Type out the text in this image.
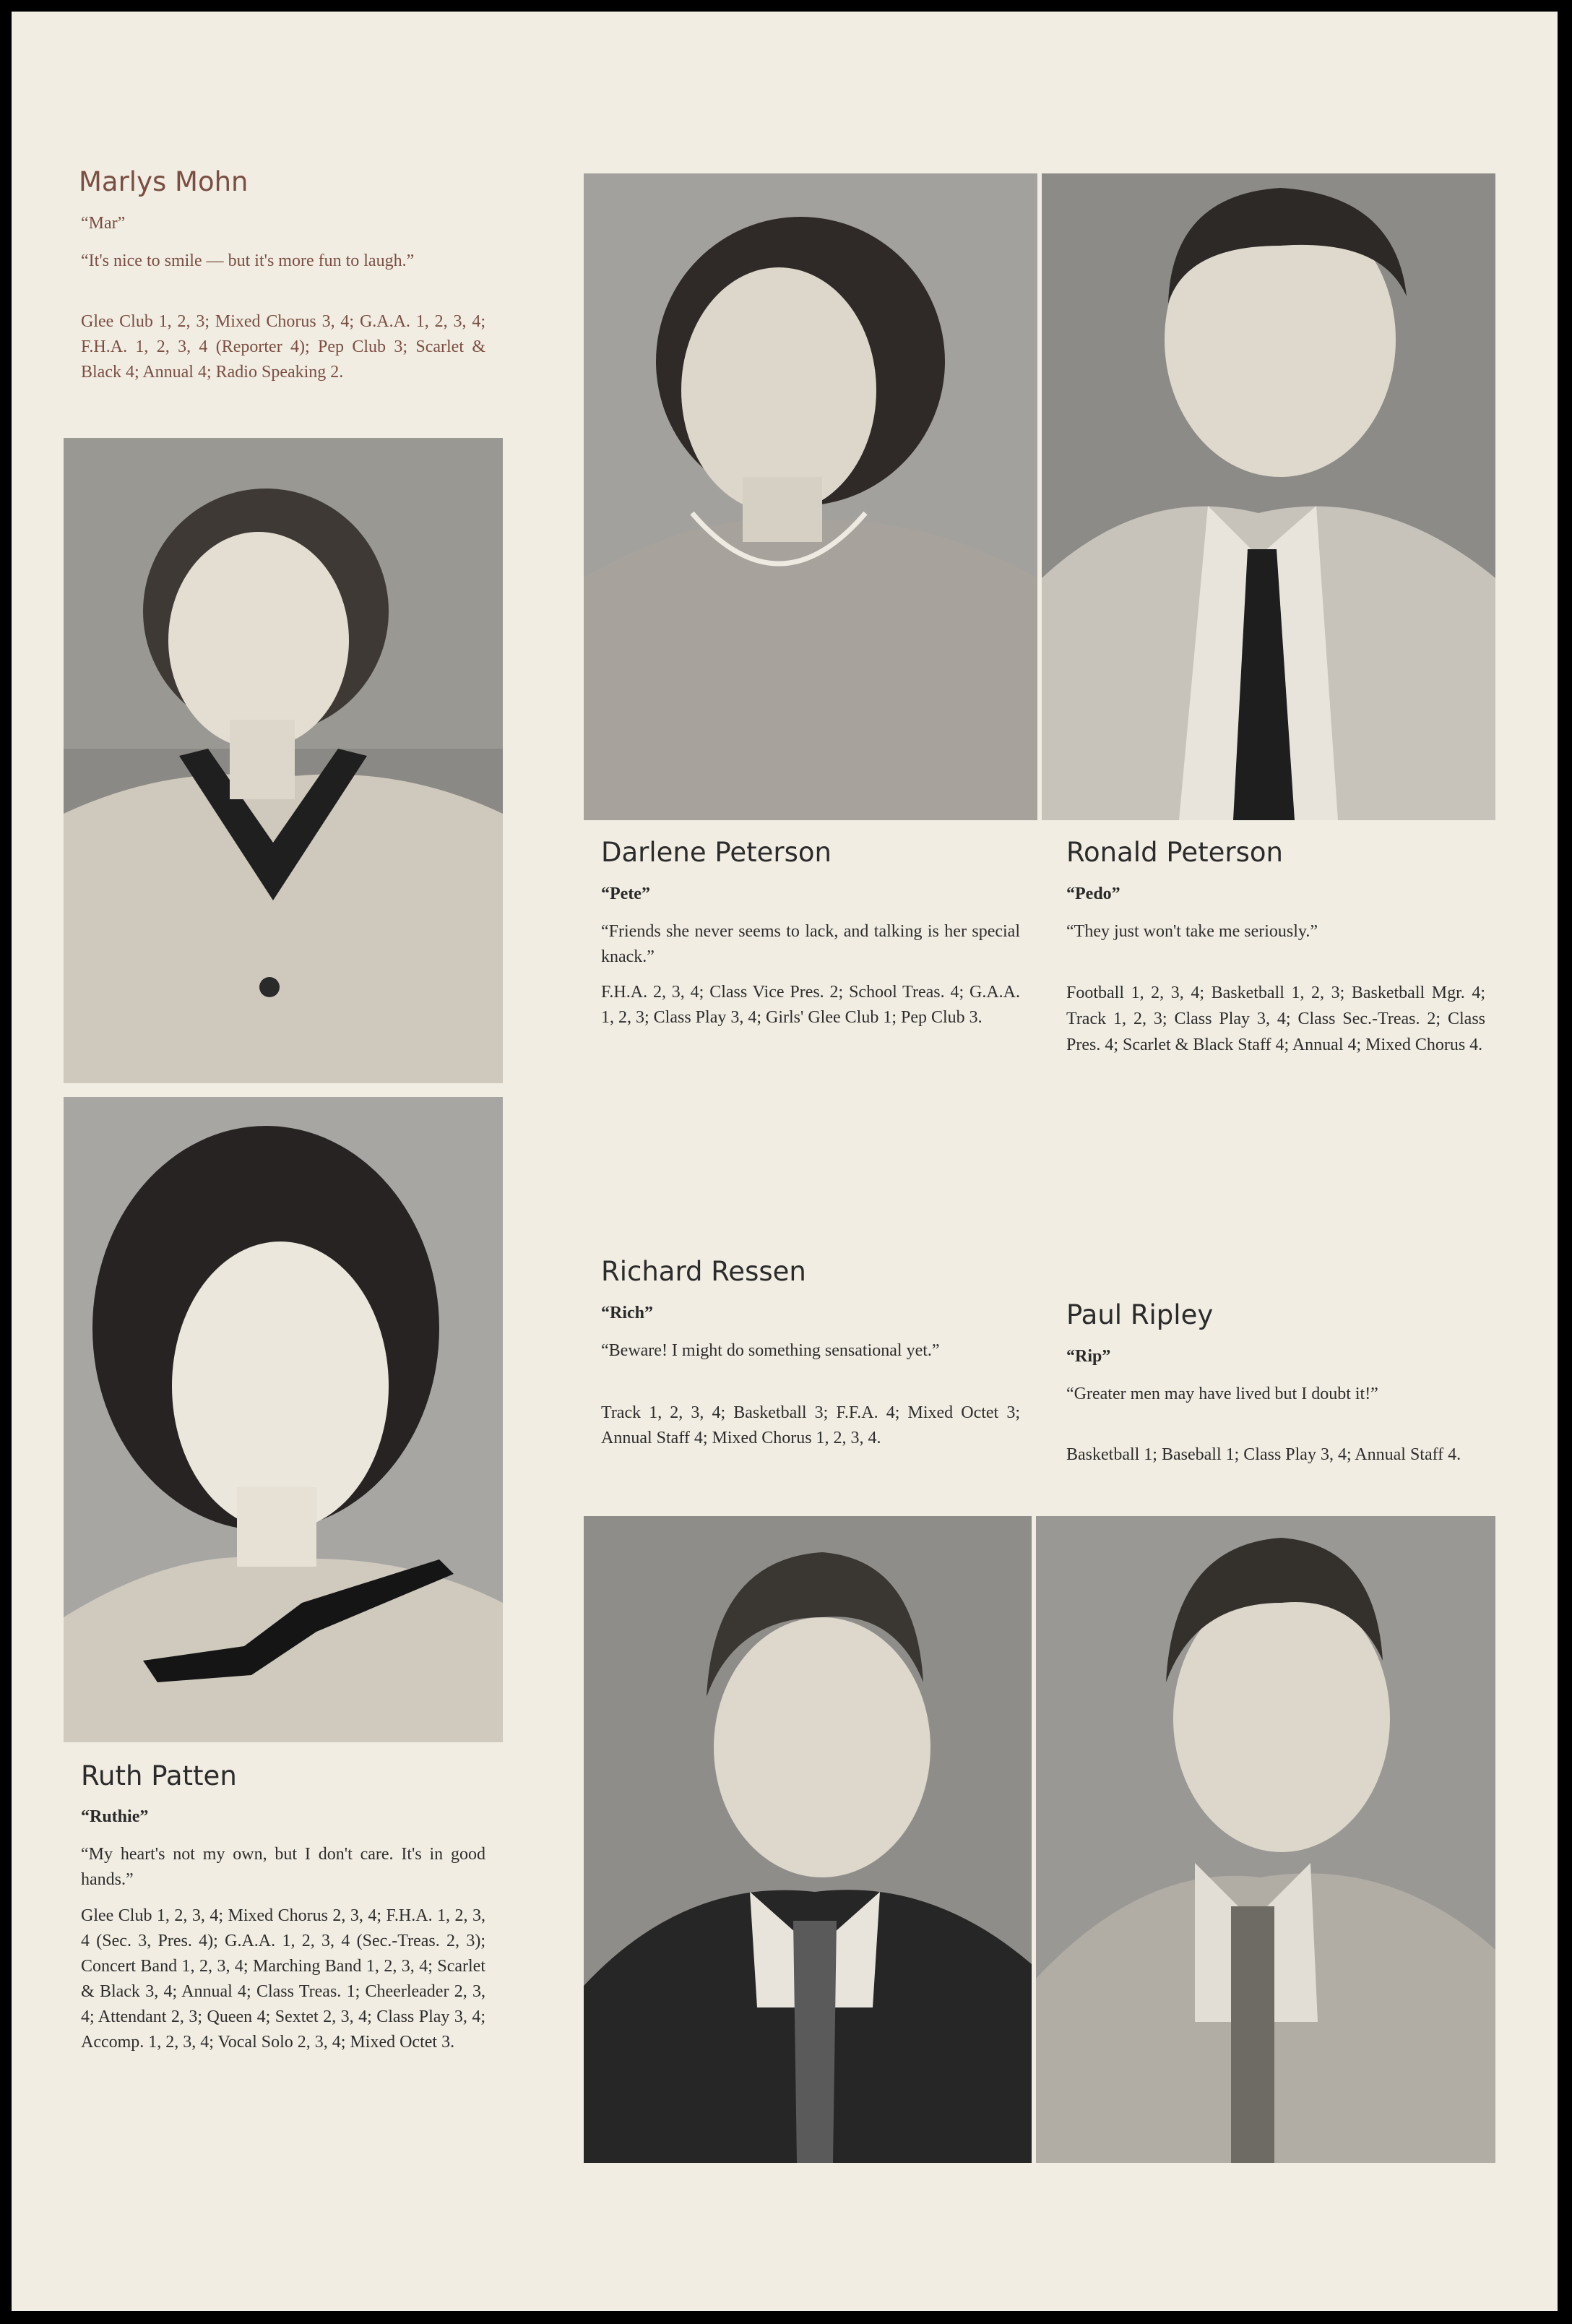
Marlys Mohn
“Mar”
“It's nice to smile — but it's more fun to laugh.”
Glee Club 1, 2, 3; Mixed Chorus 3, 4; G.A.A. 1, 2, 3, 4; F.H.A. 1, 2, 3, 4 (Reporter 4); Pep Club 3; Scarlet & Black 4; Annual 4; Radio Speaking 2.
Ruth Patten
“Ruthie”
“My heart's not my own, but I don't care. It's in good hands.”
Glee Club 1, 2, 3, 4; Mixed Chorus 2, 3, 4; F.H.A. 1, 2, 3, 4 (Sec. 3, Pres. 4); G.A.A. 1, 2, 3, 4 (Sec.-Treas. 2, 3); Concert Band 1, 2, 3, 4; Marching Band 1, 2, 3, 4; Scarlet & Black 3, 4; Annual 4; Class Treas. 1; Cheerleader 2, 3, 4; Attendant 2, 3; Queen 4; Sextet 2, 3, 4; Class Play 3, 4; Accomp. 1, 2, 3, 4; Vocal Solo 2, 3, 4; Mixed Octet 3.
Darlene Peterson
“Pete”
“Friends she never seems to lack, and talking is her special knack.”
F.H.A. 2, 3, 4; Class Vice Pres. 2; School Treas. 4; G.A.A. 1, 2, 3; Class Play 3, 4; Girls' Glee Club 1; Pep Club 3.
Ronald Peterson
“Pedo”
“They just won't take me seriously.”
Football 1, 2, 3, 4; Basketball 1, 2, 3; Basketball Mgr. 4; Track 1, 2, 3; Class Play 3, 4; Class Sec.-Treas. 2; Class Pres. 4; Scarlet & Black Staff 4; Annual 4; Mixed Chorus 4.
Richard Ressen
“Rich”
“Beware! I might do something sensational yet.”
Track 1, 2, 3, 4; Basketball 3; F.F.A. 4; Mixed Octet 3; Annual Staff 4; Mixed Chorus 1, 2, 3, 4.
Paul Ripley
“Rip”
“Greater men may have lived but I doubt it!”
Basketball 1; Baseball 1; Class Play 3, 4; Annual Staff 4.
